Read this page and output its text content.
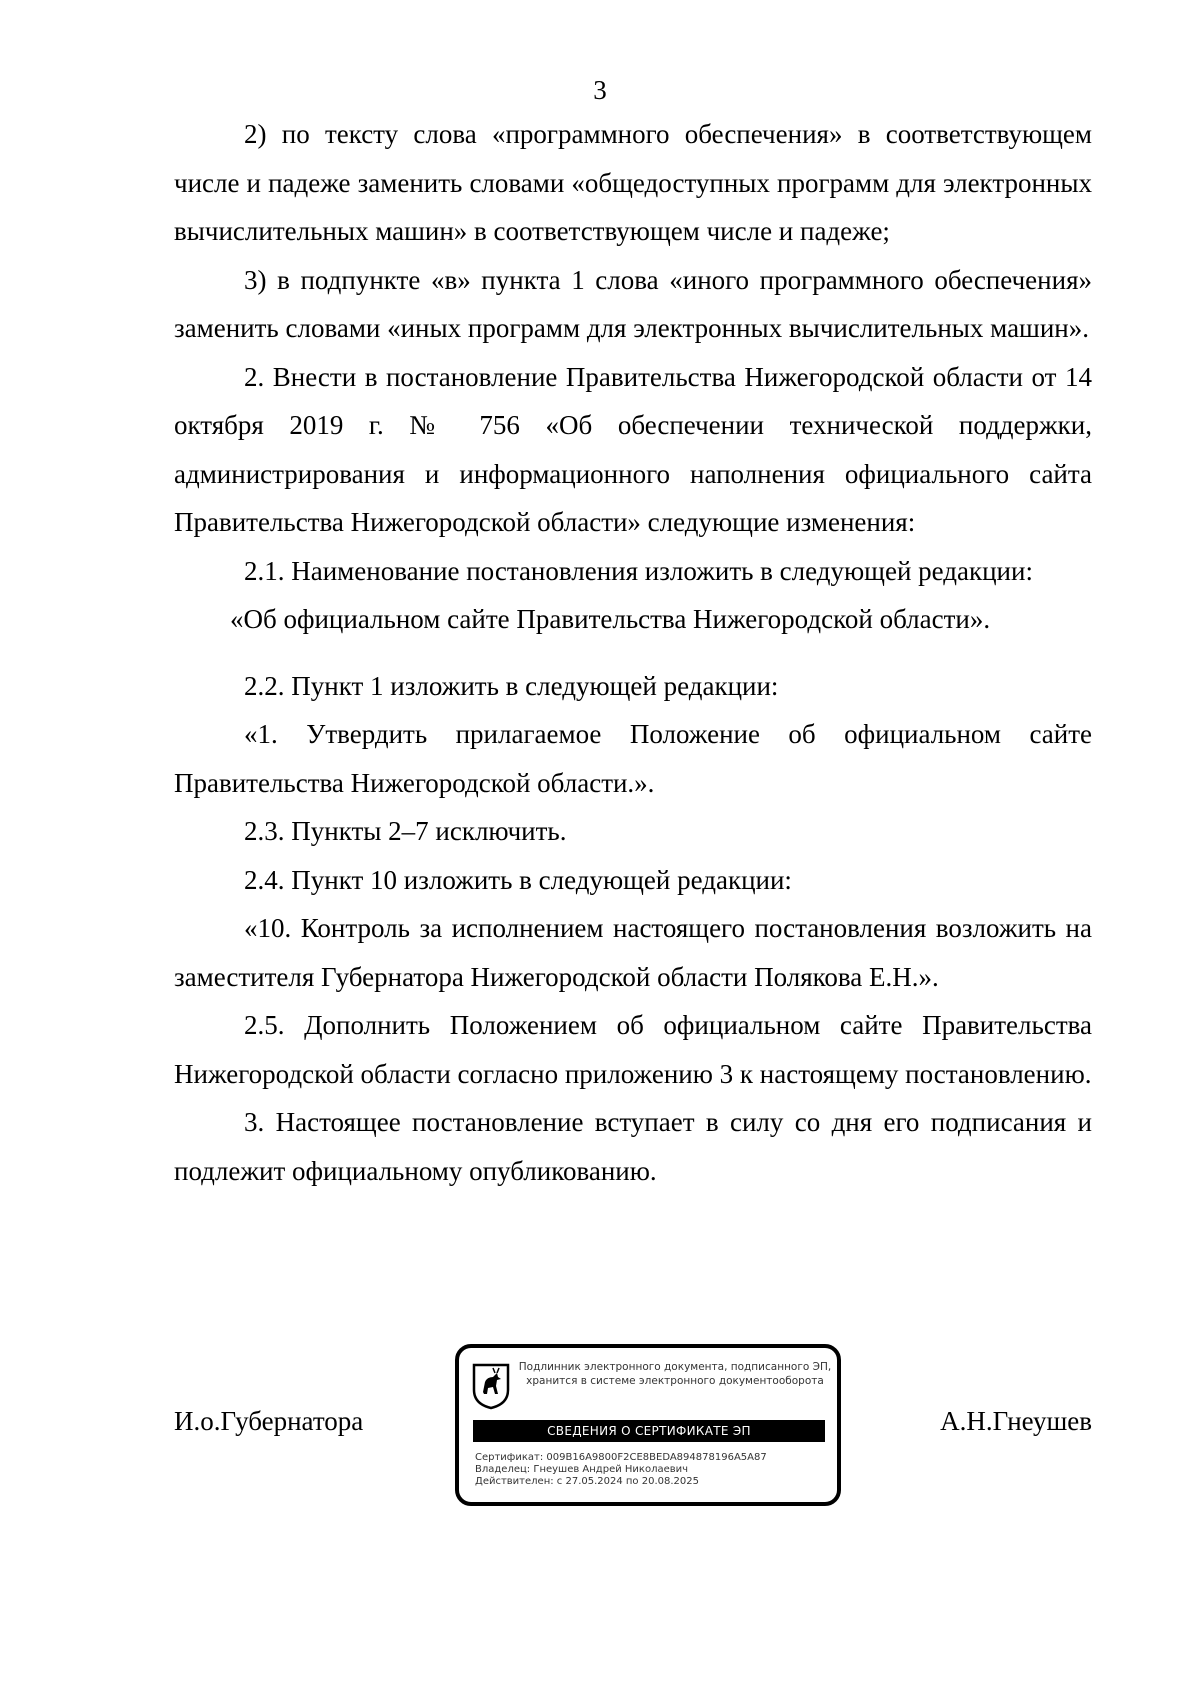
3

2) по тексту слова «программного обеспечения» в соответствующем числе и падеже заменить словами «общедоступных программ для электронных вычислительных машин» в соответствующем числе и падеже;

3) в подпункте «в» пункта 1 слова «иного программного обеспечения» заменить словами «иных программ для электронных вычислительных машин».

2. Внести в постановление Правительства Нижегородской области от 14 октября 2019 г. № 756 «Об обеспечении технической поддержки, администрирования и информационного наполнения официального сайта Правительства Нижегородской области» следующие изменения:

2.1. Наименование постановления изложить в следующей редакции:

«Об официальном сайте Правительства Нижегородской области».

2.2. Пункт 1 изложить в следующей редакции:

«1. Утвердить прилагаемое Положение об официальном сайте Правительства Нижегородской области.».

2.3. Пункты 2–7 исключить.

2.4. Пункт 10 изложить в следующей редакции:

«10. Контроль за исполнением настоящего постановления возложить на заместителя Губернатора Нижегородской области Полякова Е.Н.».

2.5. Дополнить Положением об официальном сайте Правительства Нижегородской области согласно приложению 3 к настоящему постановлению.

3. Настоящее постановление вступает в силу со дня его подписания и подлежит официальному опубликованию.

И.о.Губернатора	А.Н.Гнеушев
Подлинник электронного документа, подписанного ЭП,
хранится в системе электронного документооборота
СВЕДЕНИЯ О СЕРТИФИКАТЕ ЭП
Сертификат: 009B16A9800F2CE8BEDA894878196A5A87
Владелец: Гнеушев Андрей Николаевич
Действителен: с 27.05.2024 по 20.08.2025
